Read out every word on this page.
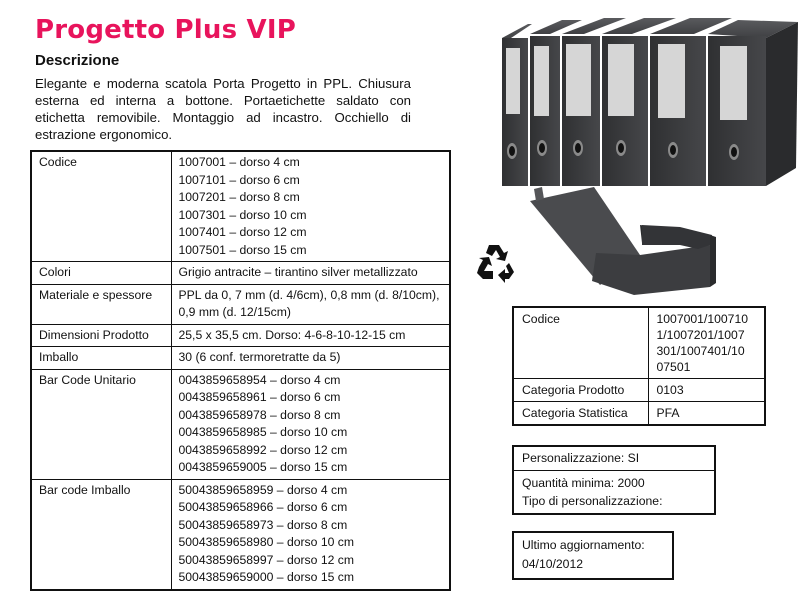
Progetto Plus VIP
Descrizione

Elegante e moderna scatola Porta Progetto in PPL. Chiusura esterna ed interna a bottone. Portaetichette saldato con etichetta removibile. Montaggio ad incastro. Occhiello di estrazione ergonomico.

Codice	1007001 – dorso 4 cm
1007101 – dorso 6 cm
1007201 – dorso 8 cm
1007301 – dorso 10 cm
1007401 – dorso 12 cm
1007501 – dorso 15 cm

Colori	Grigio antracite – tirantino silver metallizzato

Materiale e spessore	PPL da 0, 7 mm (d. 4/6cm), 0,8 mm (d. 8/10cm),
0,9 mm (d. 12/15cm)

Dimensioni Prodotto	25,5 x 35,5 cm. Dorso: 4-6-8-10-12-15 cm

Imballo	30 (6 conf. termoretratte da 5)

Bar Code Unitario	0043859658954 – dorso 4 cm
0043859658961 – dorso 6 cm
0043859658978 – dorso 8 cm
0043859658985 – dorso 10 cm
0043859658992 – dorso 12 cm
0043859659005 – dorso 15 cm

Bar code Imballo	50043859658959 – dorso 4 cm
50043859658966 – dorso 6 cm
50043859658973 – dorso 8 cm
50043859658980 – dorso 10 cm
50043859658997 – dorso 12 cm
50043859659000 – dorso 15 cm
Codice	1007001/100710
1/1007201/1007
301/1007401/10
07501

Categoria Prodotto	0103

Categoria Statistica	PFA
Personalizzazione: SI
Quantità minima: 2000
Tipo di personalizzazione:
Ultimo aggiornamento:
04/10/2012
